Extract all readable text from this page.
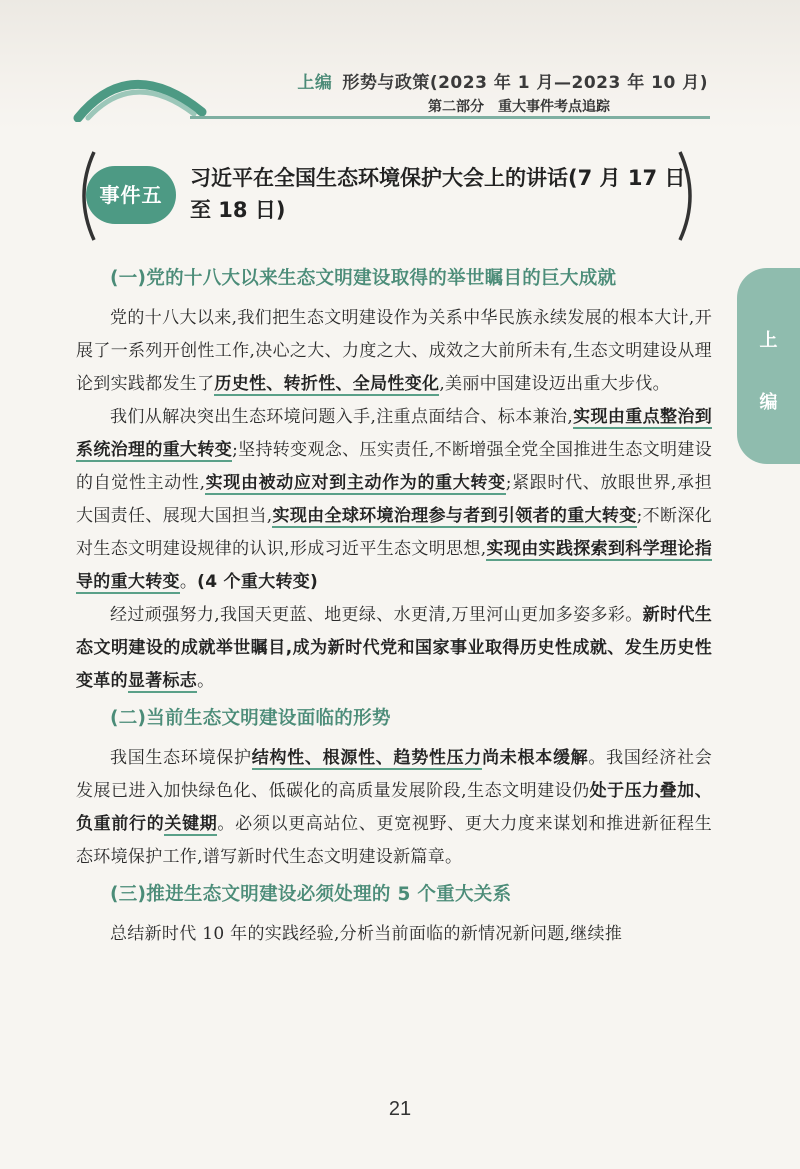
上编 形势与政策(2023 年 1 月—2023 年 10 月)
第二部分　重大事件考点追踪
上
编
事件五
习近平在全国生态环境保护大会上的讲话(7 月 17 日至 18 日)
(一)党的十八大以来生态文明建设取得的举世瞩目的巨大成就

党的十八大以来,我们把生态文明建设作为关系中华民族永续发展的根本大计,开展了一系列开创性工作,决心之大、力度之大、成效之大前所未有,生态文明建设从理论到实践都发生了历史性、转折性、全局性变化,美丽中国建设迈出重大步伐。

我们从解决突出生态环境问题入手,注重点面结合、标本兼治,实现由重点整治到系统治理的重大转变;坚持转变观念、压实责任,不断增强全党全国推进生态文明建设的自觉性主动性,实现由被动应对到主动作为的重大转变;紧跟时代、放眼世界,承担大国责任、展现大国担当,实现由全球环境治理参与者到引领者的重大转变;不断深化对生态文明建设规律的认识,形成习近平生态文明思想,实现由实践探索到科学理论指导的重大转变。(4 个重大转变)

经过顽强努力,我国天更蓝、地更绿、水更清,万里河山更加多姿多彩。新时代生态文明建设的成就举世瞩目,成为新时代党和国家事业取得历史性成就、发生历史性变革的显著标志。

(二)当前生态文明建设面临的形势

我国生态环境保护结构性、根源性、趋势性压力尚未根本缓解。我国经济社会发展已进入加快绿色化、低碳化的高质量发展阶段,生态文明建设仍处于压力叠加、负重前行的关键期。必须以更高站位、更宽视野、更大力度来谋划和推进新征程生态环境保护工作,谱写新时代生态文明建设新篇章。

(三)推进生态文明建设必须处理的 5 个重大关系

总结新时代 10 年的实践经验,分析当前面临的新情况新问题,继续推

21
